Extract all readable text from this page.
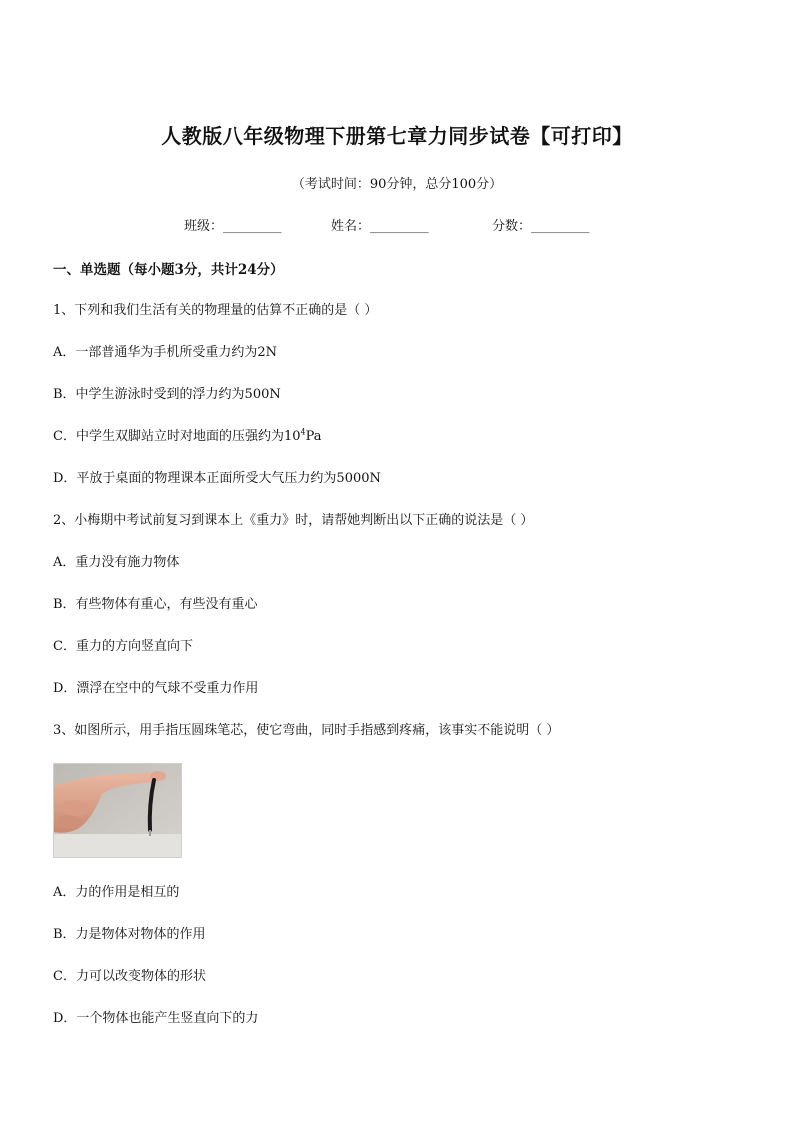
人教版八年级物理下册第七章力同步试卷【可打印】
（考试时间：90分钟，总分100分）
班级：_________	姓名：_________	分数：_________
一、单选题（每小题3分，共计24分）
1、下列和我们生活有关的物理量的估算不正确的是（ ）
A．一部普通华为手机所受重力约为2N
B．中学生游泳时受到的浮力约为500N
C．中学生双脚站立时对地面的压强约为$10^4Pa$
D．平放于桌面的物理课本正面所受大气压力约为5000N
2、小梅期中考试前复习到课本上《重力》时，请帮她判断出以下正确的说法是（ ）
A．重力没有施力物体
B．有些物体有重心，有些没有重心
C．重力的方向竖直向下
D．漂浮在空中的气球不受重力作用
3、如图所示，用手指压圆珠笔芯，使它弯曲，同时手指感到疼痛，该事实不能说明（ ）
A．力的作用是相互的
B．力是物体对物体的作用
C．力可以改变物体的形状
D．一个物体也能产生竖直向下的力
